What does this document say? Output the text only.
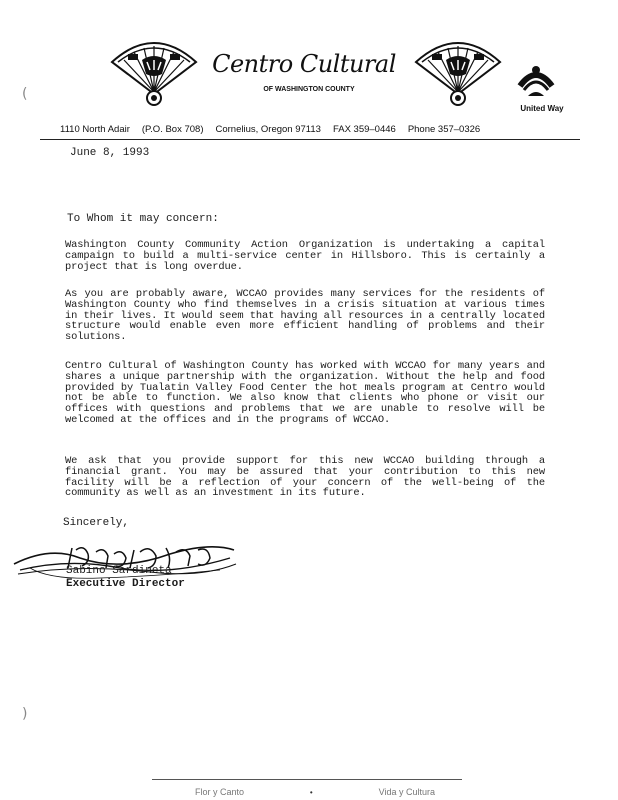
Centro Cultural
OF WASHINGTON COUNTY
United Way
1110 North Adair (P.O. Box 708) Cornelius, Oregon 97113 FAX 359–0446 Phone 357–0326
June 8, 1993
To Whom it may concern:

Washington County Community Action Organization is undertaking a capital campaign to build a multi-service center in Hillsboro. This is certainly a project that is long overdue.

As you are probably aware, WCCAO provides many services for the residents of Washington County who find themselves in a crisis situation at various times in their lives. It would seem that having all resources in a centrally located structure would enable even more efficient handling of problems and their solutions.

Centro Cultural of Washington County has worked with WCCAO for many years and shares a unique partnership with the organization. Without the help and food provided by Tualatin Valley Food Center the hot meals program at Centro would not be able to function. We also know that clients who phone or visit our offices with questions and problems that we are unable to resolve will be welcomed at the offices and in the programs of WCCAO.

We ask that you provide support for this new WCCAO building through a financial grant. You may be assured that your contribution to this new facility will be a reflection of your concern of the well-being of the community as well as an investment in its future.

Sincerely,
Sabino Sardineta
Executive Director
Flor y Canto	•	Vida y Cultura
(
)
